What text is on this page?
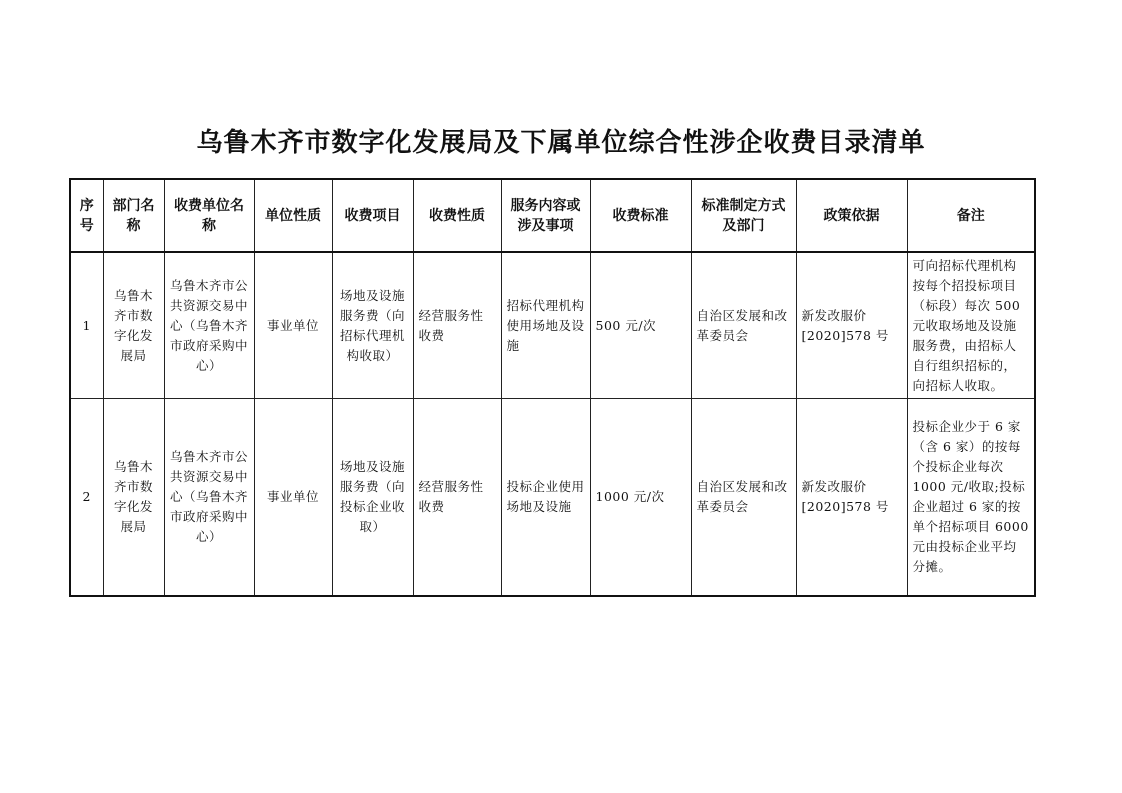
乌鲁木齐市数字化发展局及下属单位综合性涉企收费目录清单
序号	部门名称	收费单位名称	单位性质	收费项目	收费性质	服务内容或涉及事项	收费标准	标准制定方式及部门	政策依据	备注
1	乌鲁木齐市数字化发展局	乌鲁木齐市公共资源交易中心（乌鲁木齐市政府采购中心）	事业单位	场地及设施服务费（向招标代理机构收取）	经营服务性收费	招标代理机构使用场地及设施	500 元/次	自治区发展和改革委员会	新发改服价[2020]578 号	可向招标代理机构按每个招投标项目（标段）每次 500 元收取场地及设施服务费，由招标人自行组织招标的，向招标人收取。
2	乌鲁木齐市数字化发展局	乌鲁木齐市公共资源交易中心（乌鲁木齐市政府采购中心）	事业单位	场地及设施服务费（向投标企业收取）	经营服务性收费	投标企业使用场地及设施	1000 元/次	自治区发展和改革委员会	新发改服价[2020]578 号	投标企业少于 6 家（含 6 家）的按每个投标企业每次 1000 元/收取;投标企业超过 6 家的按单个招标项目 6000 元由投标企业平均分摊。
